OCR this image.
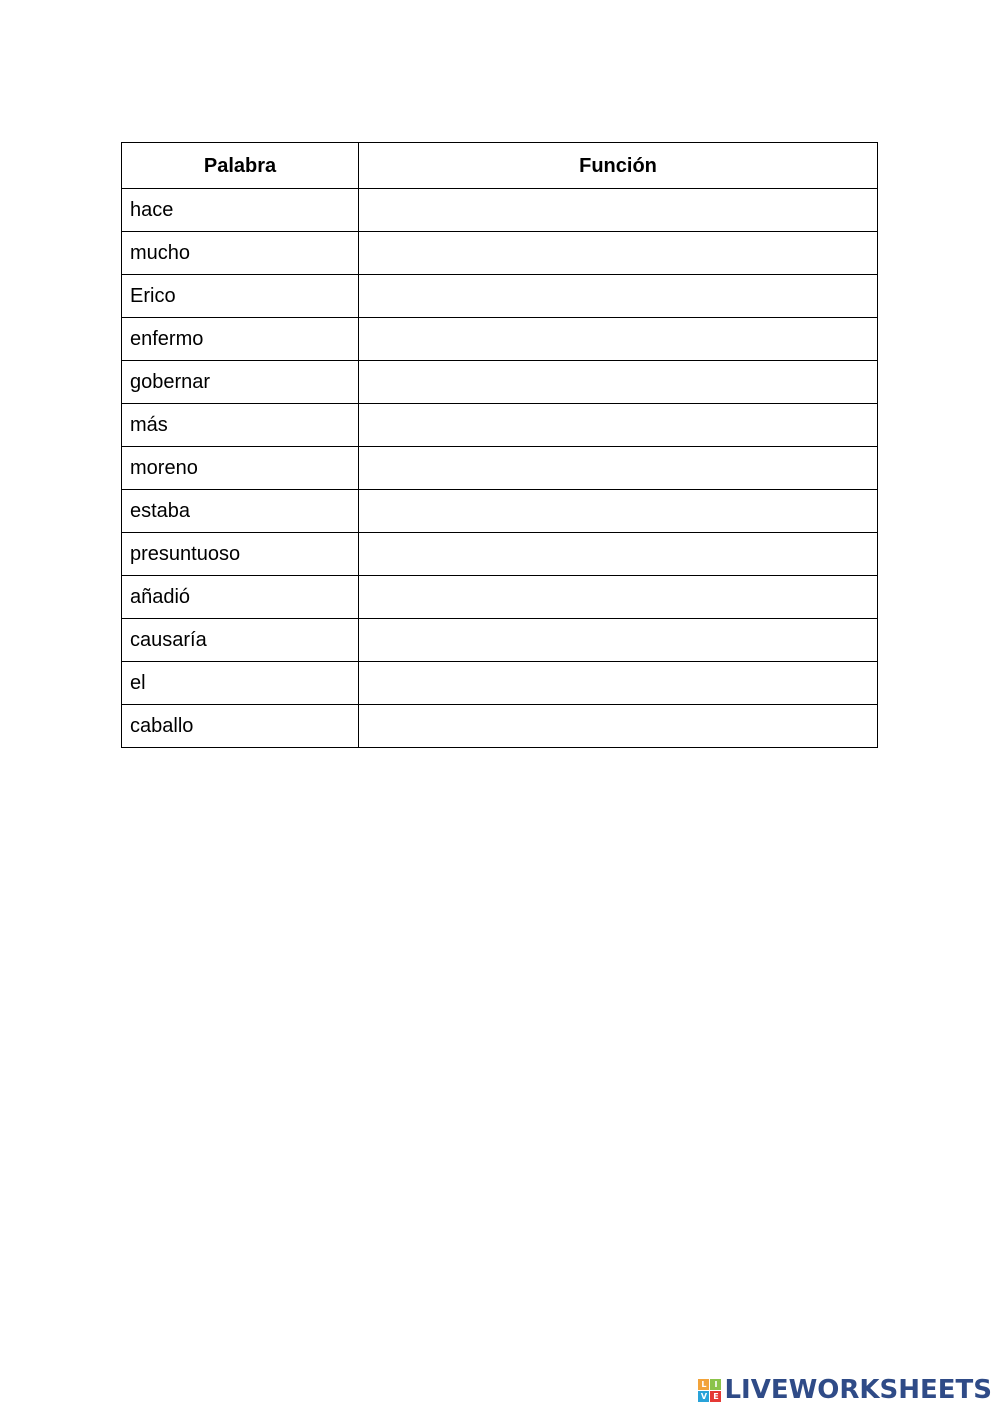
Palabra	Función
hace	
mucho	
Erico	
enfermo	
gobernar	
más	
moreno	
estaba	
presuntuoso	
añadió	
causaría	
el	
caballo	
L I
V E LIVEWORKSHEETS
